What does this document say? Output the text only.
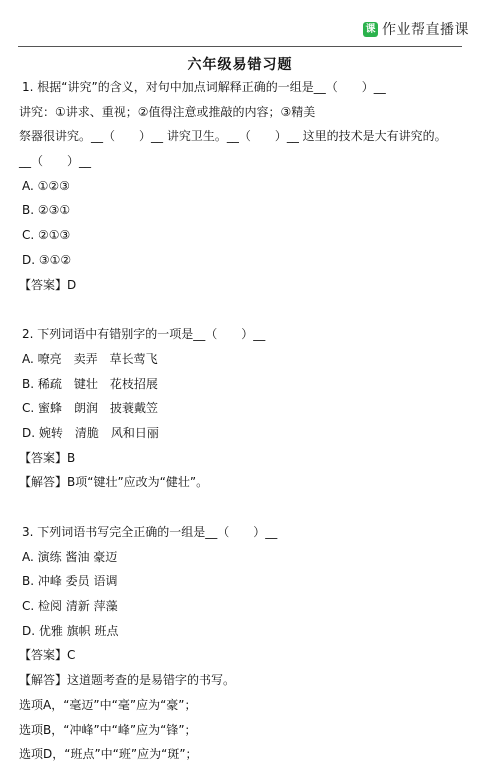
课 作业帮直播课
六年级易错习题
1. 根据“讲究”的含义，对句中加点词解释正确的一组是__（　　）__
讲究：①讲求、重视；②值得注意或推敲的内容；③精美
祭器很讲究。__（　　）__ 讲究卫生。__（　　）__ 这里的技术是大有讲究的。
__（　　）__
A. ①②③
B. ②③①
C. ②①③
D. ③①②
【答案】D
2. 下列词语中有错别字的一项是__（　　）__
A. 嘹亮　卖弄　草长莺飞
B. 稀疏　键壮　花枝招展
C. 蜜蜂　朗润　披蓑戴笠
D. 婉转　清脆　风和日丽
【答案】B
【解答】B项“键壮”应改为“健壮”。
3. 下列词语书写完全正确的一组是__（　　）__
A. 演练 酱油 豪迈
B. 冲峰 委员 语调
C. 检阅 清新 萍藻
D. 优雅 旗帜 班点
【答案】C
【解答】这道题考查的是易错字的书写。
选项A，“毫迈”中“毫”应为“豪”；
选项B，“冲峰”中“峰”应为“锋”；
选项D，“班点”中“班”应为“斑”；
